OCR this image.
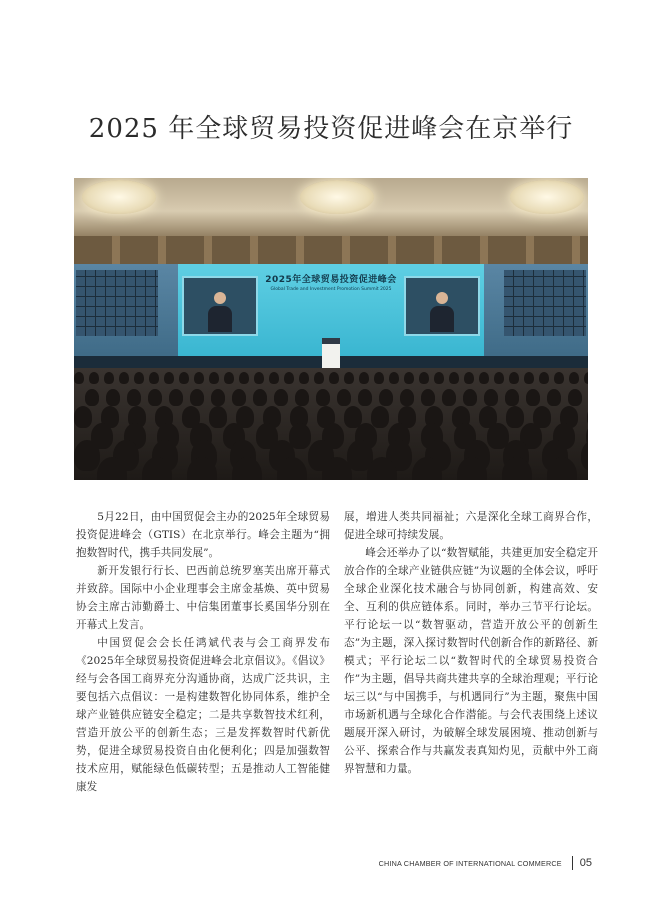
2025 年全球贸易投资促进峰会在京举行
2025年全球贸易投资促进峰会
Global Trade and Investment Promotion Summit 2025

5月22日，由中国贸促会主办的2025年全球贸易投资促进峰会（GTIS）在北京举行。峰会主题为“拥抱数智时代，携手共同发展”。

新开发银行行长、巴西前总统罗塞芙出席开幕式并致辞。国际中小企业理事会主席金基焕、英中贸易协会主席古沛勤爵士、中信集团董事长奚国华分别在开幕式上发言。

中国贸促会会长任鸿斌代表与会工商界发布《2025年全球贸易投资促进峰会北京倡议》。《倡议》经与会各国工商界充分沟通协商，达成广泛共识，主要包括六点倡议：一是构建数智化协同体系，维护全球产业链供应链安全稳定；二是共享数智技术红利，营造开放公平的创新生态；三是发挥数智时代新优势，促进全球贸易投资自由化便利化；四是加强数智技术应用，赋能绿色低碳转型；五是推动人工智能健康发

展，增进人类共同福祉；六是深化全球工商界合作，促进全球可持续发展。

峰会还举办了以“数智赋能，共建更加安全稳定开放合作的全球产业链供应链”为议题的全体会议，呼吁全球企业深化技术融合与协同创新，构建高效、安全、互利的供应链体系。同时，举办三节平行论坛。平行论坛一以“数智驱动，营造开放公平的创新生态”为主题，深入探讨数智时代创新合作的新路径、新模式；平行论坛二以“数智时代的全球贸易投资合作”为主题，倡导共商共建共享的全球治理观；平行论坛三以“与中国携手，与机遇同行”为主题，聚焦中国市场新机遇与全球化合作潜能。与会代表围绕上述议题展开深入研讨，为破解全球发展困境、推动创新与公平、探索合作与共赢发表真知灼见，贡献中外工商界智慧和力量。

CHINA CHAMBER OF INTERNATIONAL COMMERCE 05
